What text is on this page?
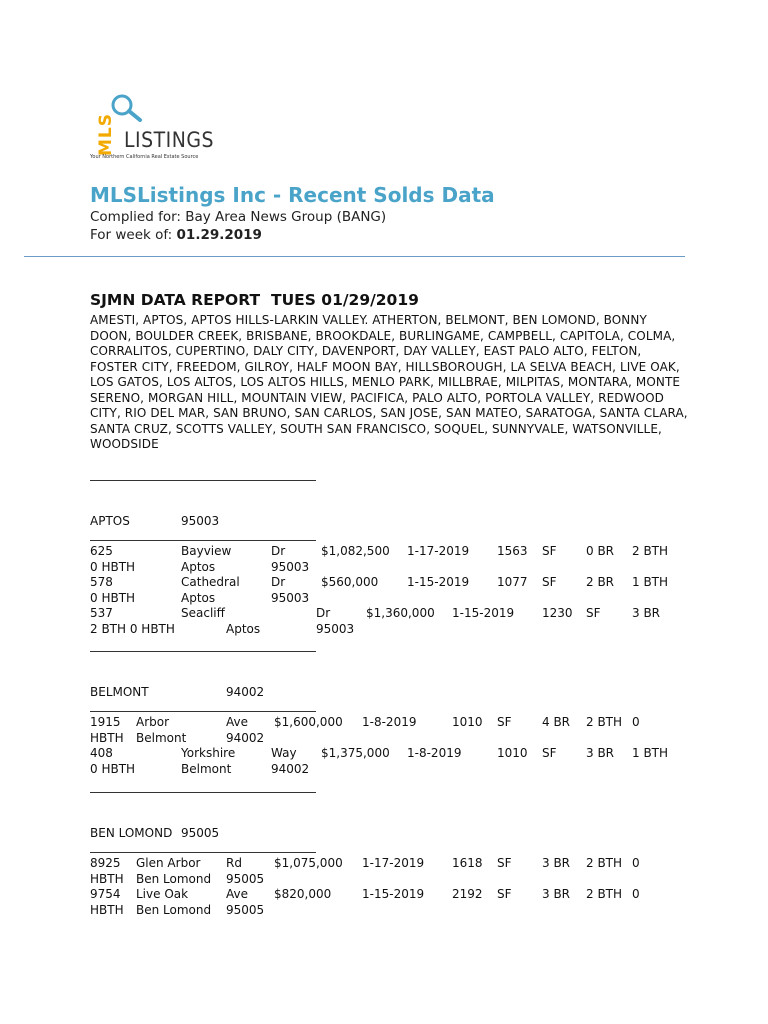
MLS LISTINGS
Your Northern California Real Estate Source
MLSListings Inc - Recent Solds Data
Complied for: Bay Area News Group (BANG)
For week of: 01.29.2019
SJMN DATA REPORT TUES 01/29/2019
AMESTI, APTOS, APTOS HILLS-LARKIN VALLEY. ATHERTON, BELMONT, BEN LOMOND, BONNY DOON, BOULDER CREEK, BRISBANE, BROOKDALE, BURLINGAME, CAMPBELL, CAPITOLA, COLMA, CORRALITOS, CUPERTINO, DALY CITY, DAVENPORT, DAY VALLEY, EAST PALO ALTO, FELTON, FOSTER CITY, FREEDOM, GILROY, HALF MOON BAY, HILLSBOROUGH, LA SELVA BEACH, LIVE OAK, LOS GATOS, LOS ALTOS, LOS ALTOS HILLS, MENLO PARK, MILLBRAE, MILPITAS, MONTARA, MONTE SERENO, MORGAN HILL, MOUNTAIN VIEW, PACIFICA, PALO ALTO, PORTOLA VALLEY, REDWOOD CITY, RIO DEL MAR, SAN BRUNO, SAN CARLOS, SAN JOSE, SAN MATEO, SARATOGA, SANTA CLARA, SANTA CRUZ, SCOTTS VALLEY, SOUTH SAN FRANCISCO, SOQUEL, SUNNYVALE, WATSONVILLE, WOODSIDE
APTOS	95003
625	Bayview	Dr	$1,082,500 1-17-2019 1563 SF 0 BR 2 BTH
0 HBTH	Aptos	95003
578	Cathedral	Dr	$560,000 1-15-2019 1077 SF 2 BR 1 BTH
0 HBTH	Aptos	95003
537	Seacliff	Dr	$1,360,000 1-15-2019 1230 SF	3 BR
2 BTH 0 HBTH	Aptos	95003
BELMONT	94002
1915 Arbor	Ave $1,600,000 1-8-2019	1010 SF	4 BR 2 BTH 0
HBTH Belmont	94002
408	Yorkshire	Way $1,375,000 1-8-2019	1010 SF 3 BR 1 BTH
0 HBTH	Belmont	94002
BEN LOMOND 95005
8925 Glen Arbor Rd	$1,075,000 1-17-2019 1618 SF	3 BR 2 BTH 0
HBTH Ben Lomond 95005
9754 Live Oak	Ave $820,000	1-15-2019 2192 SF	3 BR 2 BTH 0
HBTH Ben Lomond 95005
